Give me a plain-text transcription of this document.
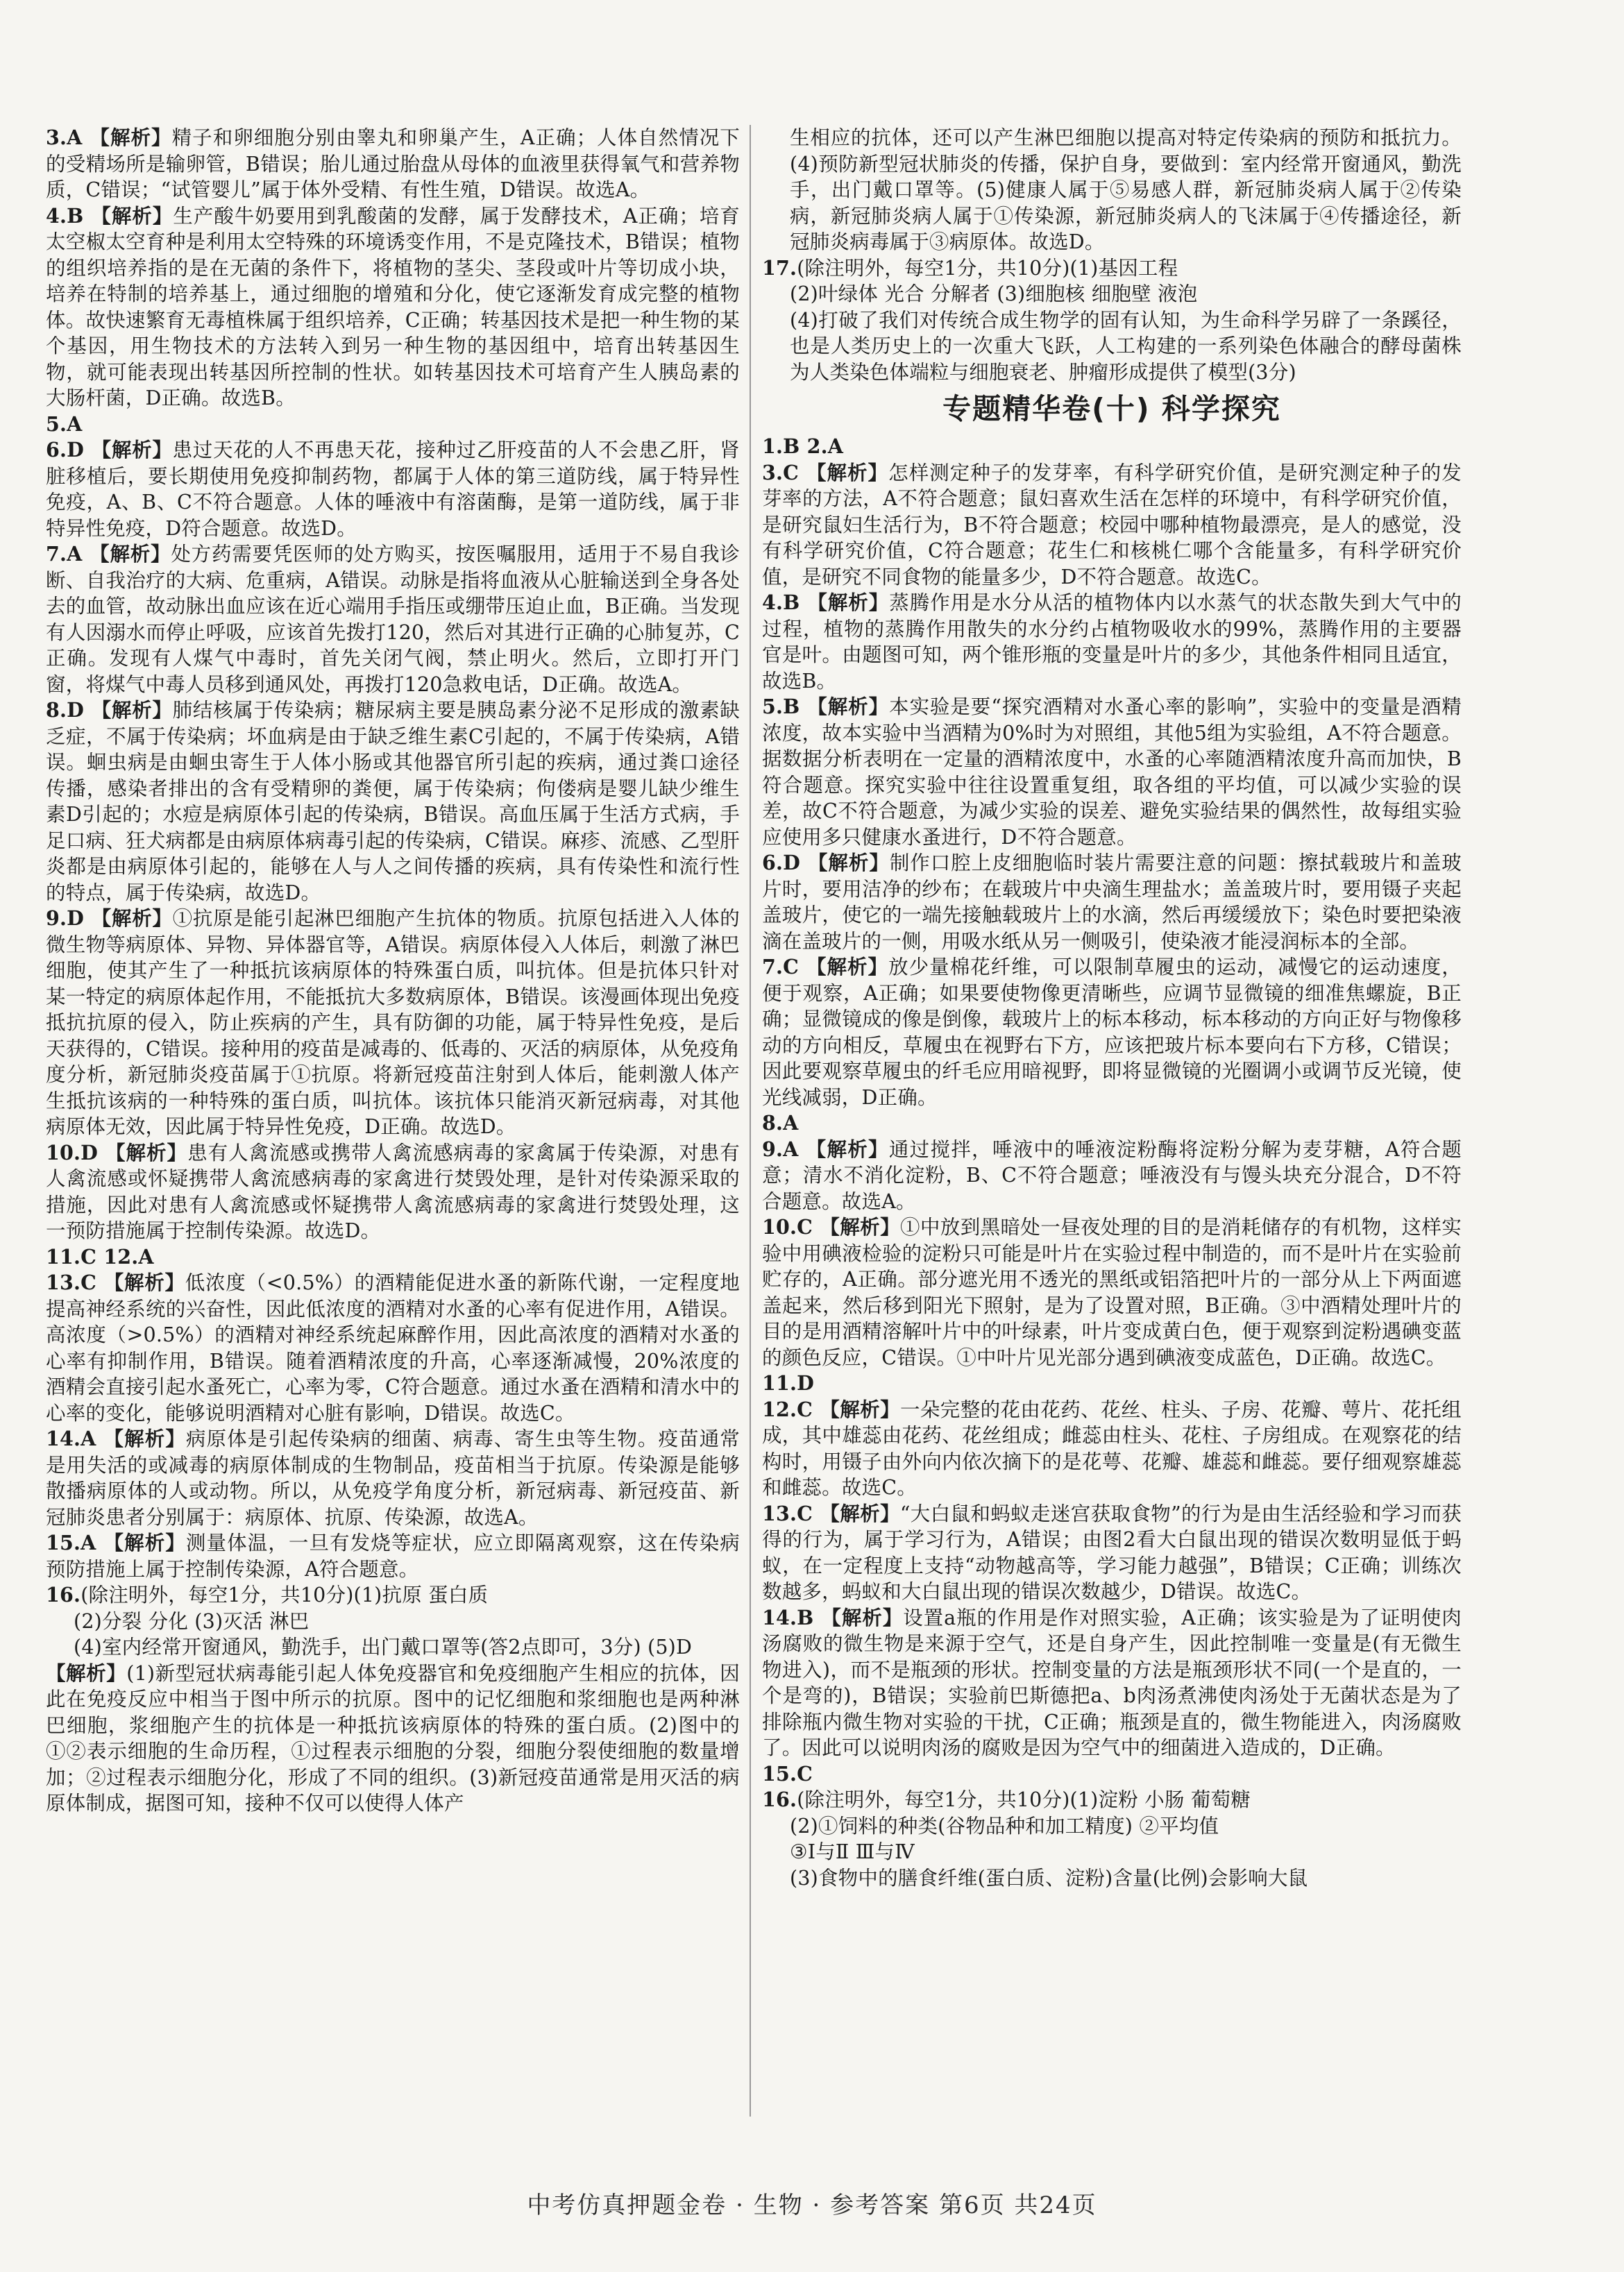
3.A 【解析】精子和卵细胞分别由睾丸和卵巢产生，A正确；人体自然情况下的受精场所是输卵管，B错误；胎儿通过胎盘从母体的血液里获得氧气和营养物质，C错误；“试管婴儿”属于体外受精、有性生殖，D错误。故选A。

4.B 【解析】生产酸牛奶要用到乳酸菌的发酵，属于发酵技术，A正确；培育太空椒太空育种是利用太空特殊的环境诱变作用，不是克隆技术，B错误；植物的组织培养指的是在无菌的条件下，将植物的茎尖、茎段或叶片等切成小块，培养在特制的培养基上，通过细胞的增殖和分化，使它逐渐发育成完整的植物体。故快速繁育无毒植株属于组织培养，C正确；转基因技术是把一种生物的某个基因，用生物技术的方法转入到另一种生物的基因组中，培育出转基因生物，就可能表现出转基因所控制的性状。如转基因技术可培育产生人胰岛素的大肠杆菌，D正确。故选B。

5.A

6.D 【解析】患过天花的人不再患天花，接种过乙肝疫苗的人不会患乙肝，肾脏移植后，要长期使用免疫抑制药物，都属于人体的第三道防线，属于特异性免疫，A、B、C不符合题意。人体的唾液中有溶菌酶，是第一道防线，属于非特异性免疫，D符合题意。故选D。

7.A 【解析】处方药需要凭医师的处方购买，按医嘱服用，适用于不易自我诊断、自我治疗的大病、危重病，A错误。动脉是指将血液从心脏输送到全身各处去的血管，故动脉出血应该在近心端用手指压或绷带压迫止血，B正确。当发现有人因溺水而停止呼吸，应该首先拨打120，然后对其进行正确的心肺复苏，C正确。发现有人煤气中毒时，首先关闭气阀，禁止明火。然后，立即打开门窗，将煤气中毒人员移到通风处，再拨打120急救电话，D正确。故选A。

8.D 【解析】肺结核属于传染病；糖尿病主要是胰岛素分泌不足形成的激素缺乏症，不属于传染病；坏血病是由于缺乏维生素C引起的，不属于传染病，A错误。蛔虫病是由蛔虫寄生于人体小肠或其他器官所引起的疾病，通过粪口途径传播，感染者排出的含有受精卵的粪便，属于传染病；佝偻病是婴儿缺少维生素D引起的；水痘是病原体引起的传染病，B错误。高血压属于生活方式病，手足口病、狂犬病都是由病原体病毒引起的传染病，C错误。麻疹、流感、乙型肝炎都是由病原体引起的，能够在人与人之间传播的疾病，具有传染性和流行性的特点，属于传染病，故选D。

9.D 【解析】①抗原是能引起淋巴细胞产生抗体的物质。抗原包括进入人体的微生物等病原体、异物、异体器官等，A错误。病原体侵入人体后，刺激了淋巴细胞，使其产生了一种抵抗该病原体的特殊蛋白质，叫抗体。但是抗体只针对某一特定的病原体起作用，不能抵抗大多数病原体，B错误。该漫画体现出免疫抵抗抗原的侵入，防止疾病的产生，具有防御的功能，属于特异性免疫，是后天获得的，C错误。接种用的疫苗是减毒的、低毒的、灭活的病原体，从免疫角度分析，新冠肺炎疫苗属于①抗原。将新冠疫苗注射到人体后，能刺激人体产生抵抗该病的一种特殊的蛋白质，叫抗体。该抗体只能消灭新冠病毒，对其他病原体无效，因此属于特异性免疫，D正确。故选D。

10.D 【解析】患有人禽流感或携带人禽流感病毒的家禽属于传染源，对患有人禽流感或怀疑携带人禽流感病毒的家禽进行焚毁处理，是针对传染源采取的措施，因此对患有人禽流感或怀疑携带人禽流感病毒的家禽进行焚毁处理，这一预防措施属于控制传染源。故选D。

11.C 12.A

13.C 【解析】低浓度（<0.5%）的酒精能促进水蚤的新陈代谢，一定程度地提高神经系统的兴奋性，因此低浓度的酒精对水蚤的心率有促进作用，A错误。高浓度（>0.5%）的酒精对神经系统起麻醉作用，因此高浓度的酒精对水蚤的心率有抑制作用，B错误。随着酒精浓度的升高，心率逐渐减慢，20%浓度的酒精会直接引起水蚤死亡，心率为零，C符合题意。通过水蚤在酒精和清水中的心率的变化，能够说明酒精对心脏有影响，D错误。故选C。

14.A 【解析】病原体是引起传染病的细菌、病毒、寄生虫等生物。疫苗通常是用失活的或减毒的病原体制成的生物制品，疫苗相当于抗原。传染源是能够散播病原体的人或动物。所以，从免疫学角度分析，新冠病毒、新冠疫苗、新冠肺炎患者分别属于：病原体、抗原、传染源，故选A。

15.A 【解析】测量体温，一旦有发烧等症状，应立即隔离观察，这在传染病预防措施上属于控制传染源，A符合题意。

16.(除注明外，每空1分，共10分)(1)抗原 蛋白质

(2)分裂 分化 (3)灭活 淋巴

(4)室内经常开窗通风，勤洗手，出门戴口罩等(答2点即可，3分) (5)D

【解析】(1)新型冠状病毒能引起人体免疫器官和免疫细胞产生相应的抗体，因此在免疫反应中相当于图中所示的抗原。图中的记忆细胞和浆细胞也是两种淋巴细胞，浆细胞产生的抗体是一种抵抗该病原体的特殊的蛋白质。(2)图中的①②表示细胞的生命历程，①过程表示细胞的分裂，细胞分裂使细胞的数量增加；②过程表示细胞分化，形成了不同的组织。(3)新冠疫苗通常是用灭活的病原体制成，据图可知，接种不仅可以使得人体产

生相应的抗体，还可以产生淋巴细胞以提高对特定传染病的预防和抵抗力。(4)预防新型冠状肺炎的传播，保护自身，要做到：室内经常开窗通风，勤洗手，出门戴口罩等。(5)健康人属于⑤易感人群，新冠肺炎病人属于②传染病，新冠肺炎病人属于①传染源，新冠肺炎病人的飞沫属于④传播途径，新冠肺炎病毒属于③病原体。故选D。

17.(除注明外，每空1分，共10分)(1)基因工程

(2)叶绿体 光合 分解者 (3)细胞核 细胞壁 液泡

(4)打破了我们对传统合成生物学的固有认知，为生命科学另辟了一条蹊径，也是人类历史上的一次重大飞跃，人工构建的一系列染色体融合的酵母菌株为人类染色体端粒与细胞衰老、肿瘤形成提供了模型(3分)

专题精华卷(十) 科学探究

1.B 2.A

3.C 【解析】怎样测定种子的发芽率，有科学研究价值，是研究测定种子的发芽率的方法，A不符合题意；鼠妇喜欢生活在怎样的环境中，有科学研究价值，是研究鼠妇生活行为，B不符合题意；校园中哪种植物最漂亮，是人的感觉，没有科学研究价值，C符合题意；花生仁和核桃仁哪个含能量多，有科学研究价值，是研究不同食物的能量多少，D不符合题意。故选C。

4.B 【解析】蒸腾作用是水分从活的植物体内以水蒸气的状态散失到大气中的过程，植物的蒸腾作用散失的水分约占植物吸收水的99%，蒸腾作用的主要器官是叶。由题图可知，两个锥形瓶的变量是叶片的多少，其他条件相同且适宜，故选B。

5.B 【解析】本实验是要“探究酒精对水蚤心率的影响”，实验中的变量是酒精浓度，故本实验中当酒精为0%时为对照组，其他5组为实验组，A不符合题意。据数据分析表明在一定量的酒精浓度中，水蚤的心率随酒精浓度升高而加快，B符合题意。探究实验中往往设置重复组，取各组的平均值，可以减少实验的误差，故C不符合题意，为减少实验的误差、避免实验结果的偶然性，故每组实验应使用多只健康水蚤进行，D不符合题意。

6.D 【解析】制作口腔上皮细胞临时装片需要注意的问题：擦拭载玻片和盖玻片时，要用洁净的纱布；在载玻片中央滴生理盐水；盖盖玻片时，要用镊子夹起盖玻片，使它的一端先接触载玻片上的水滴，然后再缓缓放下；染色时要把染液滴在盖玻片的一侧，用吸水纸从另一侧吸引，使染液才能浸润标本的全部。

7.C 【解析】放少量棉花纤维，可以限制草履虫的运动，减慢它的运动速度，便于观察，A正确；如果要使物像更清晰些，应调节显微镜的细准焦螺旋，B正确；显微镜成的像是倒像，载玻片上的标本移动，标本移动的方向正好与物像移动的方向相反，草履虫在视野右下方，应该把玻片标本要向右下方移，C错误；因此要观察草履虫的纤毛应用暗视野，即将显微镜的光圈调小或调节反光镜，使光线减弱，D正确。

8.A

9.A 【解析】通过搅拌，唾液中的唾液淀粉酶将淀粉分解为麦芽糖，A符合题意；清水不消化淀粉，B、C不符合题意；唾液没有与馒头块充分混合，D不符合题意。故选A。

10.C 【解析】①中放到黑暗处一昼夜处理的目的是消耗储存的有机物，这样实验中用碘液检验的淀粉只可能是叶片在实验过程中制造的，而不是叶片在实验前贮存的，A正确。部分遮光用不透光的黑纸或铝箔把叶片的一部分从上下两面遮盖起来，然后移到阳光下照射，是为了设置对照，B正确。③中酒精处理叶片的目的是用酒精溶解叶片中的叶绿素，叶片变成黄白色，便于观察到淀粉遇碘变蓝的颜色反应，C错误。①中叶片见光部分遇到碘液变成蓝色，D正确。故选C。

11.D

12.C 【解析】一朵完整的花由花药、花丝、柱头、子房、花瓣、萼片、花托组成，其中雄蕊由花药、花丝组成；雌蕊由柱头、花柱、子房组成。在观察花的结构时，用镊子由外向内依次摘下的是花萼、花瓣、雄蕊和雌蕊。要仔细观察雄蕊和雌蕊。故选C。

13.C 【解析】“大白鼠和蚂蚁走迷宫获取食物”的行为是由生活经验和学习而获得的行为，属于学习行为，A错误；由图2看大白鼠出现的错误次数明显低于蚂蚁，在一定程度上支持“动物越高等，学习能力越强”，B错误；C正确；训练次数越多，蚂蚁和大白鼠出现的错误次数越少，D错误。故选C。

14.B 【解析】设置a瓶的作用是作对照实验，A正确；该实验是为了证明使肉汤腐败的微生物是来源于空气，还是自身产生，因此控制唯一变量是(有无微生物进入)，而不是瓶颈的形状。控制变量的方法是瓶颈形状不同(一个是直的，一个是弯的)，B错误；实验前巴斯德把a、b肉汤煮沸使肉汤处于无菌状态是为了排除瓶内微生物对实验的干扰，C正确；瓶颈是直的，微生物能进入，肉汤腐败了。因此可以说明肉汤的腐败是因为空气中的细菌进入造成的，D正确。

15.C

16.(除注明外，每空1分，共10分)(1)淀粉 小肠 葡萄糖

(2)①饲料的种类(谷物品种和加工精度) ②平均值

③Ⅰ与Ⅱ Ⅲ与Ⅳ

(3)食物中的膳食纤维(蛋白质、淀粉)含量(比例)会影响大鼠

中考仿真押题金卷 · 生物 · 参考答案 第6页 共24页
